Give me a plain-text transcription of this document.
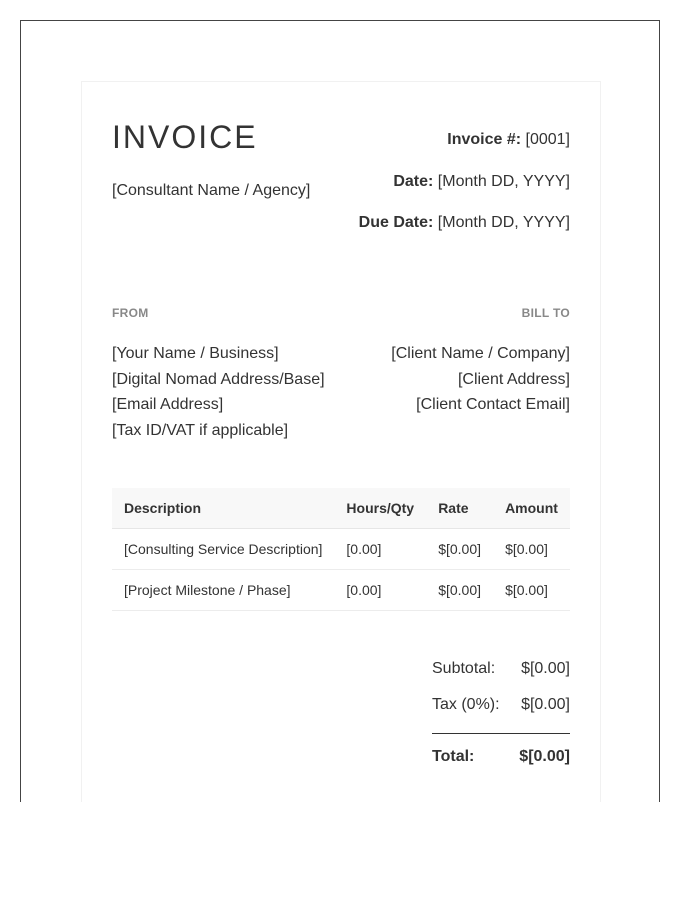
INVOICE
[Consultant Name / Agency]
Invoice #: [0001]
Date: [Month DD, YYYY]
Due Date: [Month DD, YYYY]
FROM	BILL TO
[Your Name / Business]
[Digital Nomad Address/Base]
[Email Address]
[Tax ID/VAT if applicable]
[Client Name / Company]
[Client Address]
[Client Contact Email]
Description	Hours/Qty	Rate	Amount
[Consulting Service Description]	[0.00]	$[0.00]	$[0.00]
[Project Milestone / Phase]	[0.00]	$[0.00]	$[0.00]
Subtotal: $[0.00]
Tax (0%): $[0.00]
Total:	$[0.00]
